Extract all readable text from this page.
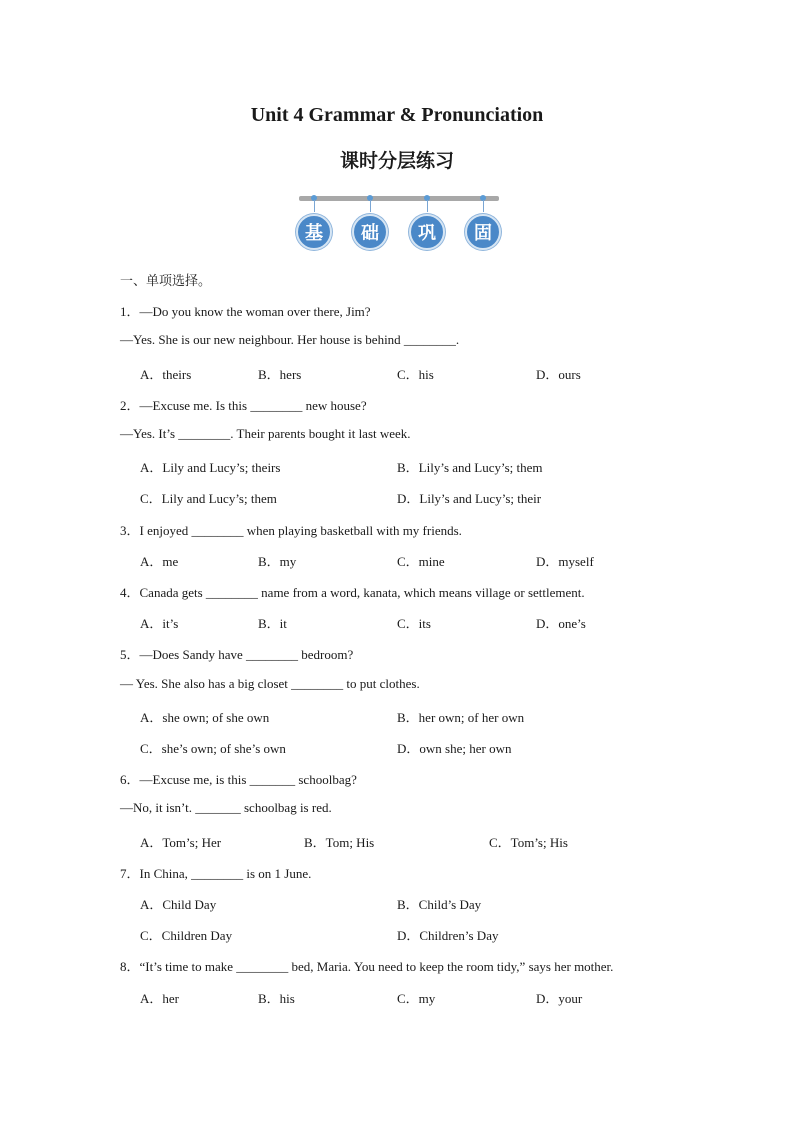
Unit 4 Grammar & Pronunciation
课时分层练习
基	础	巩	固
一、单项选择。
1．—Do you know the woman over there, Jim?
—Yes. She is our new neighbour. Her house is behind ________.
A．theirs	B．hers	C．his	D．ours
2．—Excuse me. Is this ________ new house?
—Yes. It’s ________. Their parents bought it last week.
A．Lily and Lucy’s; theirs	B．Lily’s and Lucy’s; them
C．Lily and Lucy’s; them	D．Lily’s and Lucy’s; their
3．I enjoyed ________ when playing basketball with my friends.
A．me	B．my	C．mine	D．myself
4．Canada gets ________ name from a word, kanata, which means village or settlement.
A．it’s	B．it	C．its	D．one’s
5．—Does Sandy have ________ bedroom?
— Yes. She also has a big closet ________ to put clothes.
A．she own; of she own	B．her own; of her own
C．she’s own; of she’s own	D．own she; her own
6．—Excuse me, is this _______ schoolbag?
—No, it isn’t. _______ schoolbag is red.
A．Tom’s; Her	B．Tom; His	C．Tom’s; His
7．In China, ________ is on 1 June.
A．Child Day	B．Child’s Day
C．Children Day	D．Children’s Day
8．“It’s time to make ________ bed, Maria. You need to keep the room tidy,” says her mother.
A．her	B．his	C．my	D．your
